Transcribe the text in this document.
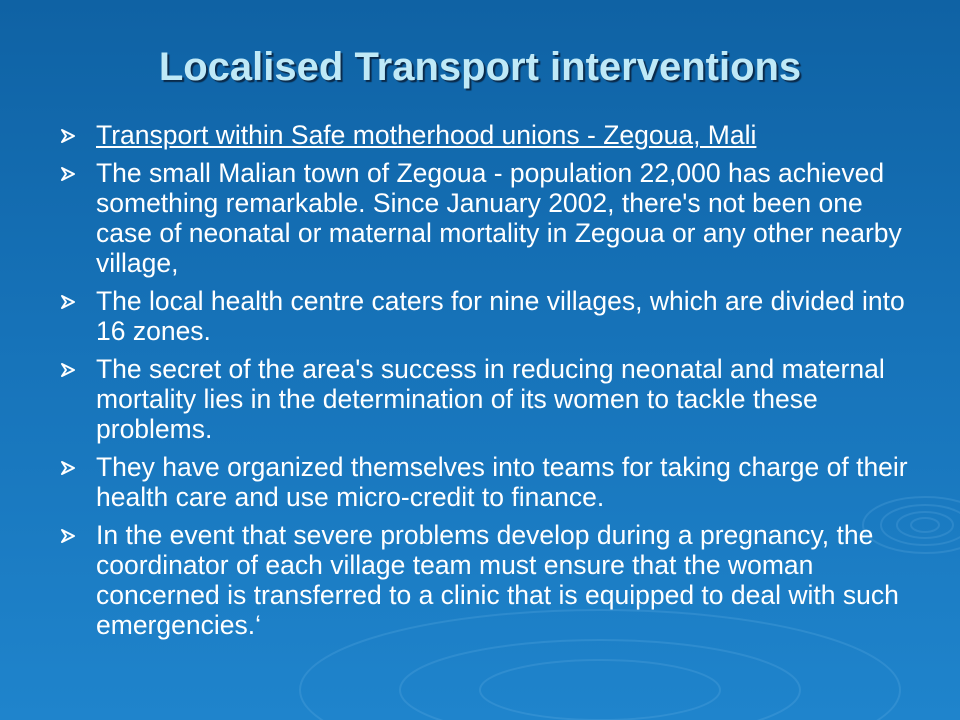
Localised Transport interventions
Transport within Safe motherhood unions - Zegoua, Mali
The small Malian town of Zegoua - population 22,000 has achieved something remarkable. Since January 2002, there's not been one case of neonatal or maternal mortality in Zegoua or any other nearby village,
The local health centre caters for nine villages, which are divided into 16 zones.
The secret of the area's success in reducing neonatal and maternal mortality lies in the determination of its women to tackle these problems.
They have organized themselves into teams for taking charge of their health care and use micro-credit to finance.
In the event that severe problems develop during a pregnancy, the coordinator of each village team must ensure that the woman concerned is transferred to a clinic that is equipped to deal with such emergencies.‘
